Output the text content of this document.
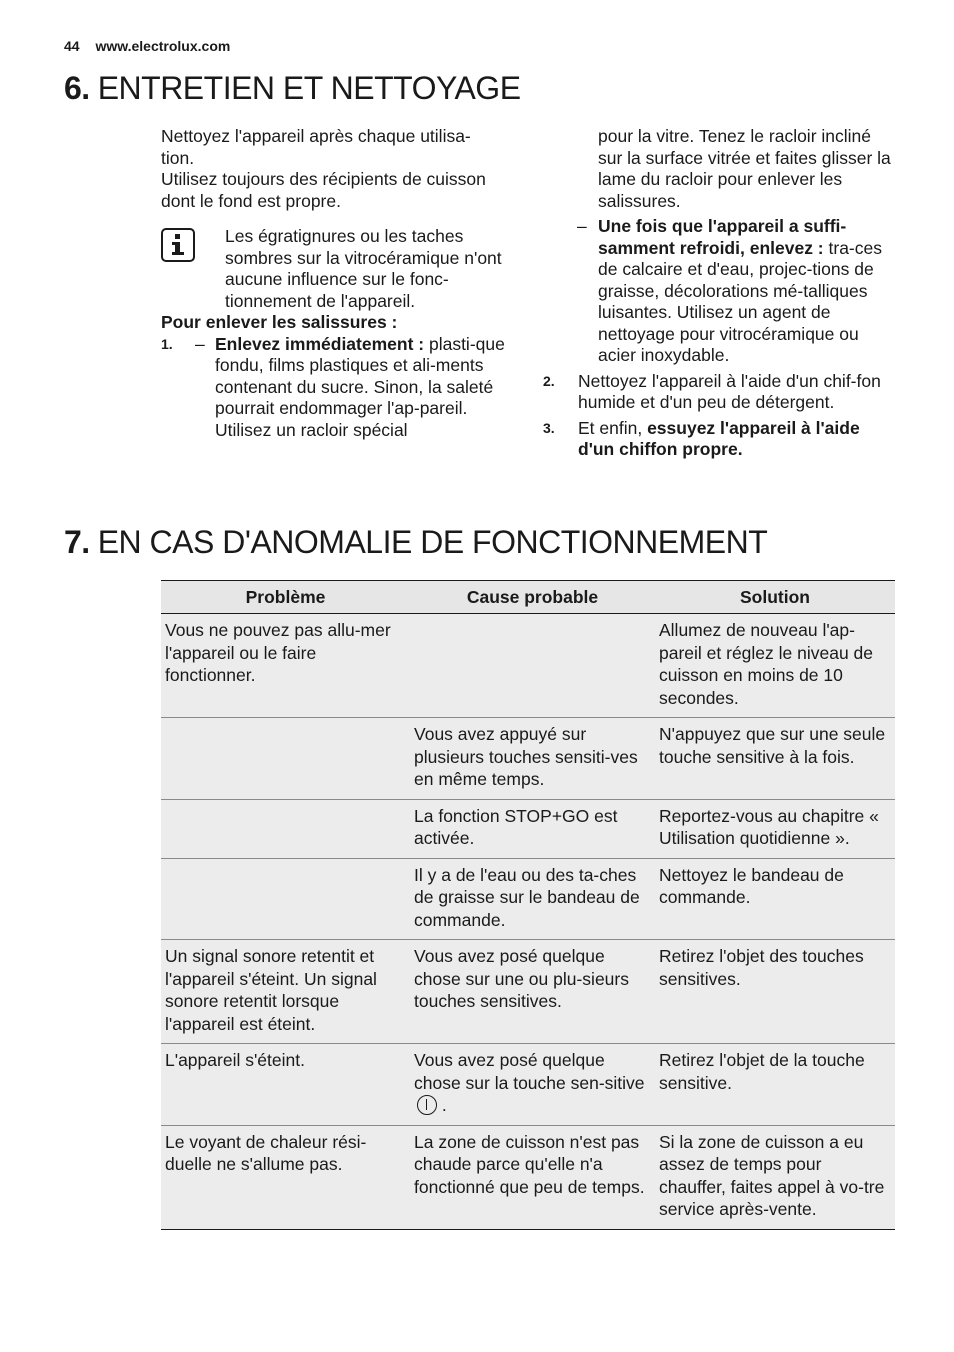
44 www.electrolux.com
6. ENTRETIEN ET NETTOYAGE

Nettoyez l'appareil après chaque utilisa-tion.

Utilisez toujours des récipients de cuisson dont le fond est propre.

Les égratignures ou les taches sombres sur la vitrocéramique n'ont aucune influence sur le fonc-tionnement de l'appareil.

Pour enlever les salissures :

1. – Enlevez immédiatement : plasti-que fondu, films plastiques et ali-ments contenant du sucre. Sinon, la saleté pourrait endommager l'ap-pareil. Utilisez un racloir spécial

pour la vitre. Tenez le racloir incliné sur la surface vitrée et faites glisser la lame du racloir pour enlever les salissures.

– Une fois que l'appareil a suffi-samment refroidi, enlevez : tra-ces de calcaire et d'eau, projec-tions de graisse, décolorations mé-talliques luisantes. Utilisez un agent de nettoyage pour vitrocéramique ou acier inoxydable.

2. Nettoyez l'appareil à l'aide d'un chif-fon humide et d'un peu de détergent.

3. Et enfin, essuyez l'appareil à l'aide d'un chiffon propre.

7. EN CAS D'ANOMALIE DE FONCTIONNEMENT
Problème	Cause probable	Solution
Vous ne pouvez pas allu-mer l'appareil ou le faire fonctionner.		Allumez de nouveau l'ap-pareil et réglez le niveau de cuisson en moins de 10 secondes.
	Vous avez appuyé sur plusieurs touches sensiti-ves en même temps.	N'appuyez que sur une seule touche sensitive à la fois.
	La fonction STOP+GO est activée.	Reportez-vous au chapitre « Utilisation quotidienne ».
	Il y a de l'eau ou des ta-ches de graisse sur le bandeau de commande.	Nettoyez le bandeau de commande.
Un signal sonore retentit et l'appareil s'éteint. Un signal sonore retentit lorsque l'appareil est éteint.	Vous avez posé quelque chose sur une ou plu-sieurs touches sensitives.	Retirez l'objet des touches sensitives.
L'appareil s'éteint.	Vous avez posé quelque chose sur la touche sen-sitive .	Retirez l'objet de la touche sensitive.
Le voyant de chaleur rési-duelle ne s'allume pas.	La zone de cuisson n'est pas chaude parce qu'elle n'a fonctionné que peu de temps.	Si la zone de cuisson a eu assez de temps pour chauffer, faites appel à vo-tre service après-vente.
